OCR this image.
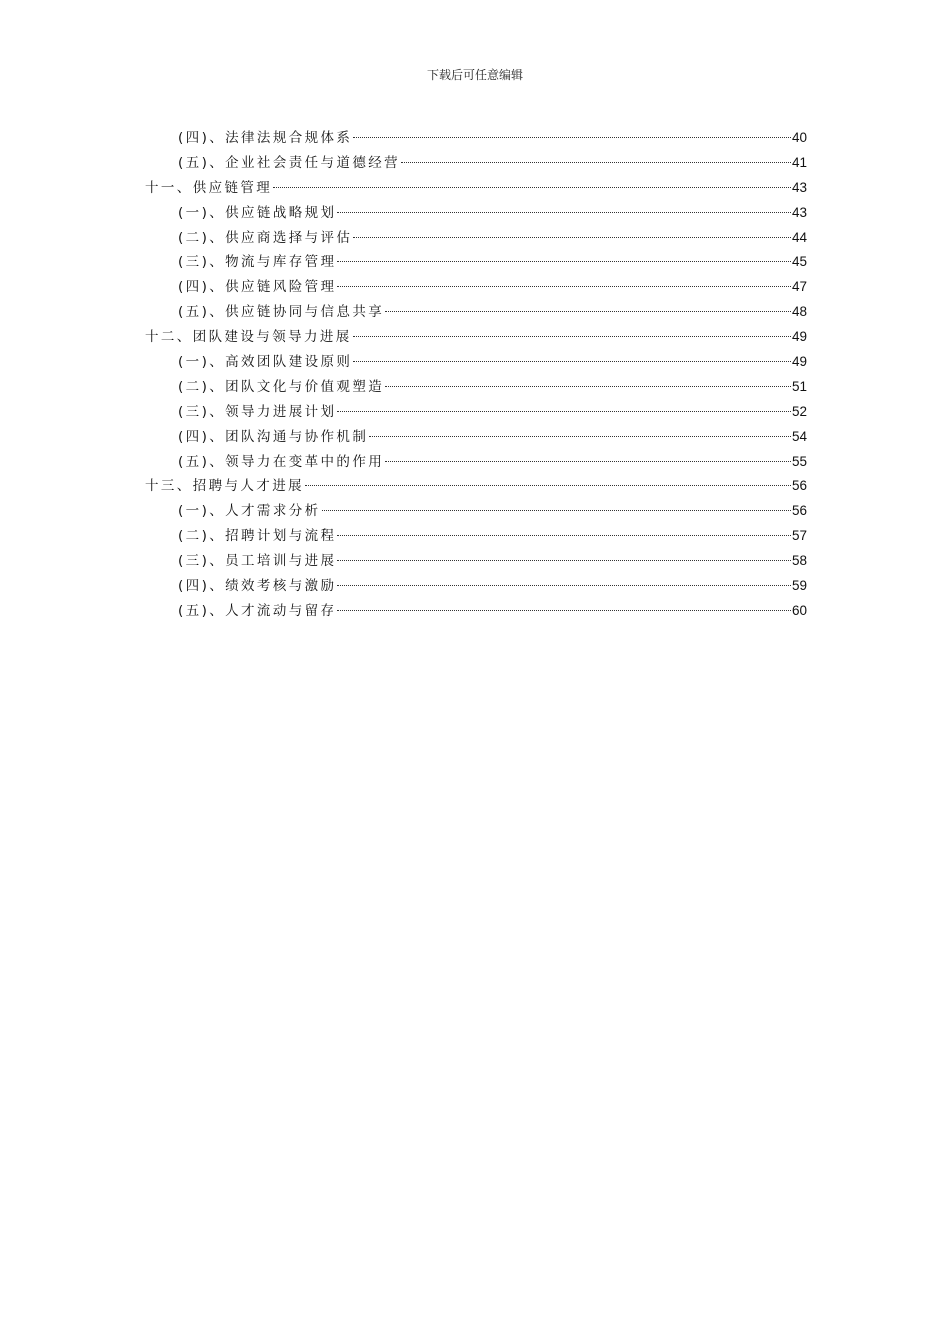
下载后可任意编辑
(四)、法律法规合规体系	40
(五)、企业社会责任与道德经营	41
十一、供应链管理	43
(一)、供应链战略规划	43
(二)、供应商选择与评估	44
(三)、物流与库存管理	45
(四)、供应链风险管理	47
(五)、供应链协同与信息共享	48
十二、团队建设与领导力进展	49
(一)、高效团队建设原则	49
(二)、团队文化与价值观塑造	51
(三)、领导力进展计划	52
(四)、团队沟通与协作机制	54
(五)、领导力在变革中的作用	55
十三、招聘与人才进展	56
(一)、人才需求分析	56
(二)、招聘计划与流程	57
(三)、员工培训与进展	58
(四)、绩效考核与激励	59
(五)、人才流动与留存	60
